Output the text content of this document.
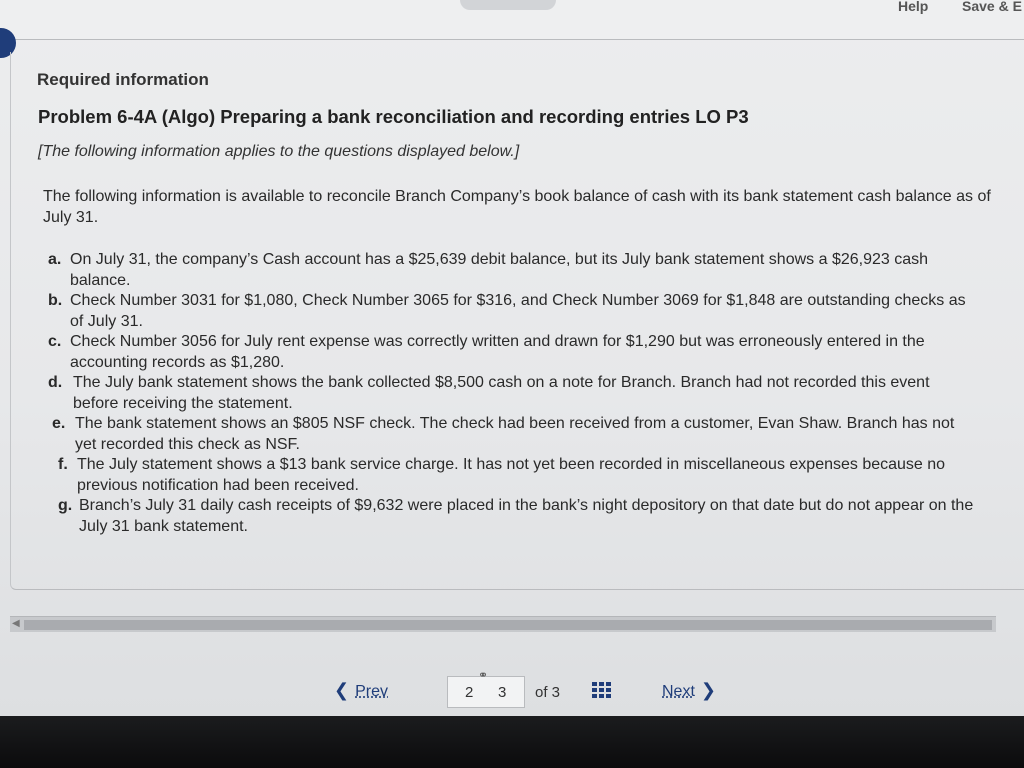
Help Save & E
Required information
Problem 6-4A (Algo) Preparing a bank reconciliation and recording entries LO P3
[The following information applies to the questions displayed below.]
The following information is available to reconcile Branch Company’s book balance of cash with its bank statement cash balance as of July 31.
a. On July 31, the company’s Cash account has a $25,639 debit balance, but its July bank statement shows a $26,923 cash balance.
b. Check Number 3031 for $1,080, Check Number 3065 for $316, and Check Number 3069 for $1,848 are outstanding checks as of July 31.
c. Check Number 3056 for July rent expense was correctly written and drawn for $1,290 but was erroneously entered in the accounting records as $1,280.
d. The July bank statement shows the bank collected $8,500 cash on a note for Branch. Branch had not recorded this event before receiving the statement.
e. The bank statement shows an $805 NSF check. The check had been received from a customer, Evan Shaw. Branch has not yet recorded this check as NSF.
f. The July statement shows a $13 bank service charge. It has not yet been recorded in miscellaneous expenses because no previous notification had been received.
g. Branch’s July 31 daily cash receipts of $9,632 were placed in the bank’s night depository on that date but do not appear on the July 31 bank statement.
◀
❮ Prev
⚭
2 3 of 3	Next ❯
